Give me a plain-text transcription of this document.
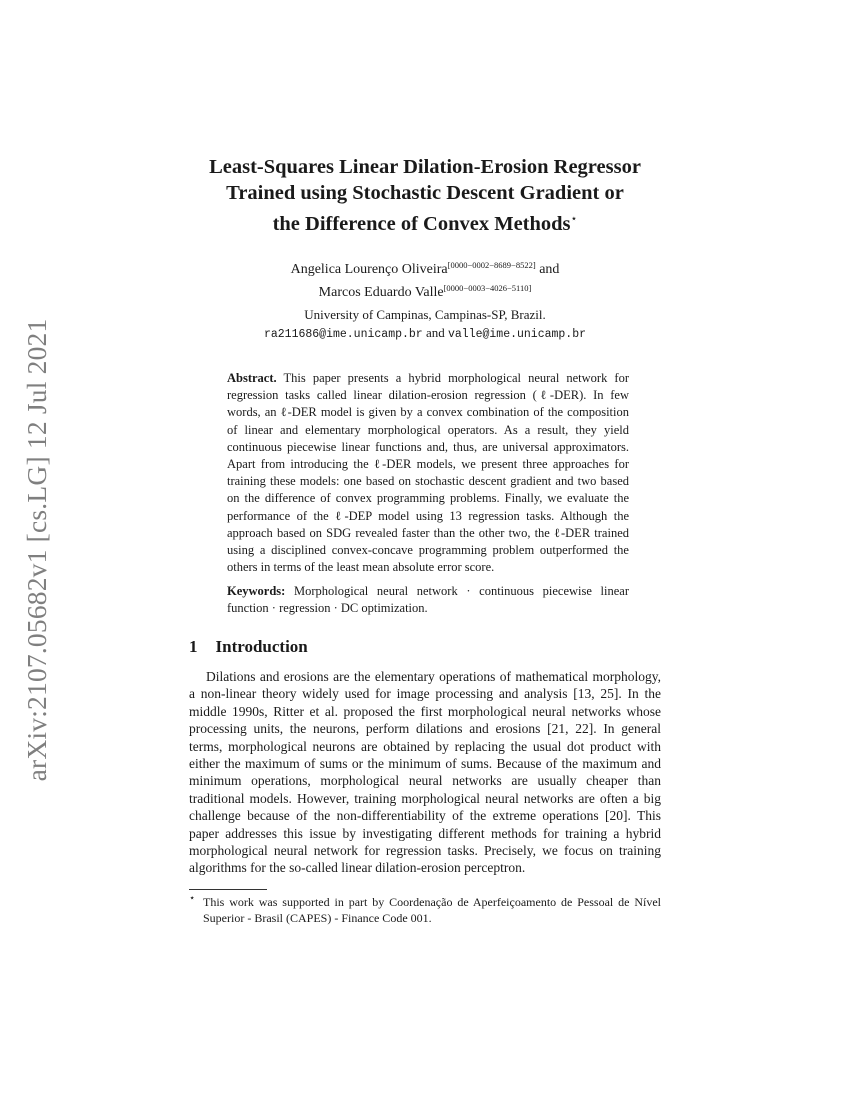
arXiv:2107.05682v1 [cs.LG] 12 Jul 2021
Least-Squares Linear Dilation-Erosion Regressor
Trained using Stochastic Descent Gradient or
the Difference of Convex Methods⋆
Angelica Lourenço Oliveira[0000−0002−8689−8522] and
Marcos Eduardo Valle[0000−0003−4026−5110]
University of Campinas, Campinas-SP, Brazil.
ra211686@ime.unicamp.br and valle@ime.unicamp.br
Abstract. This paper presents a hybrid morphological neural network for regression tasks called linear dilation-erosion regression (ℓ-DER). In few words, an ℓ-DER model is given by a convex combination of the composition of linear and elementary morphological operators. As a result, they yield continuous piecewise linear functions and, thus, are universal approximators. Apart from introducing the ℓ-DER models, we present three approaches for training these models: one based on stochastic descent gradient and two based on the difference of convex programming problems. Finally, we evaluate the performance of the ℓ-DEP model using 13 regression tasks. Although the approach based on SDG revealed faster than the other two, the ℓ-DER trained using a disciplined convex-concave programming problem outperformed the others in terms of the least mean absolute error score.
Keywords: Morphological neural network · continuous piecewise linear function · regression · DC optimization.
1 Introduction

Dilations and erosions are the elementary operations of mathematical morphology, a non-linear theory widely used for image processing and analysis [13, 25]. In the middle 1990s, Ritter et al. proposed the first morphological neural networks whose processing units, the neurons, perform dilations and erosions [21, 22]. In general terms, morphological neurons are obtained by replacing the usual dot product with either the maximum of sums or the minimum of sums. Because of the maximum and minimum operations, morphological neural networks are usually cheaper than traditional models. However, training morphological neural networks are often a big challenge because of the non-differentiability of the extreme operations [20]. This paper addresses this issue by investigating different methods for training a hybrid morphological neural network for regression tasks. Precisely, we focus on training algorithms for the so-called linear dilation-erosion perceptron.

⋆ This work was supported in part by Coordenação de Aperfeiçoamento de Pessoal de Nível Superior - Brasil (CAPES) - Finance Code 001.
